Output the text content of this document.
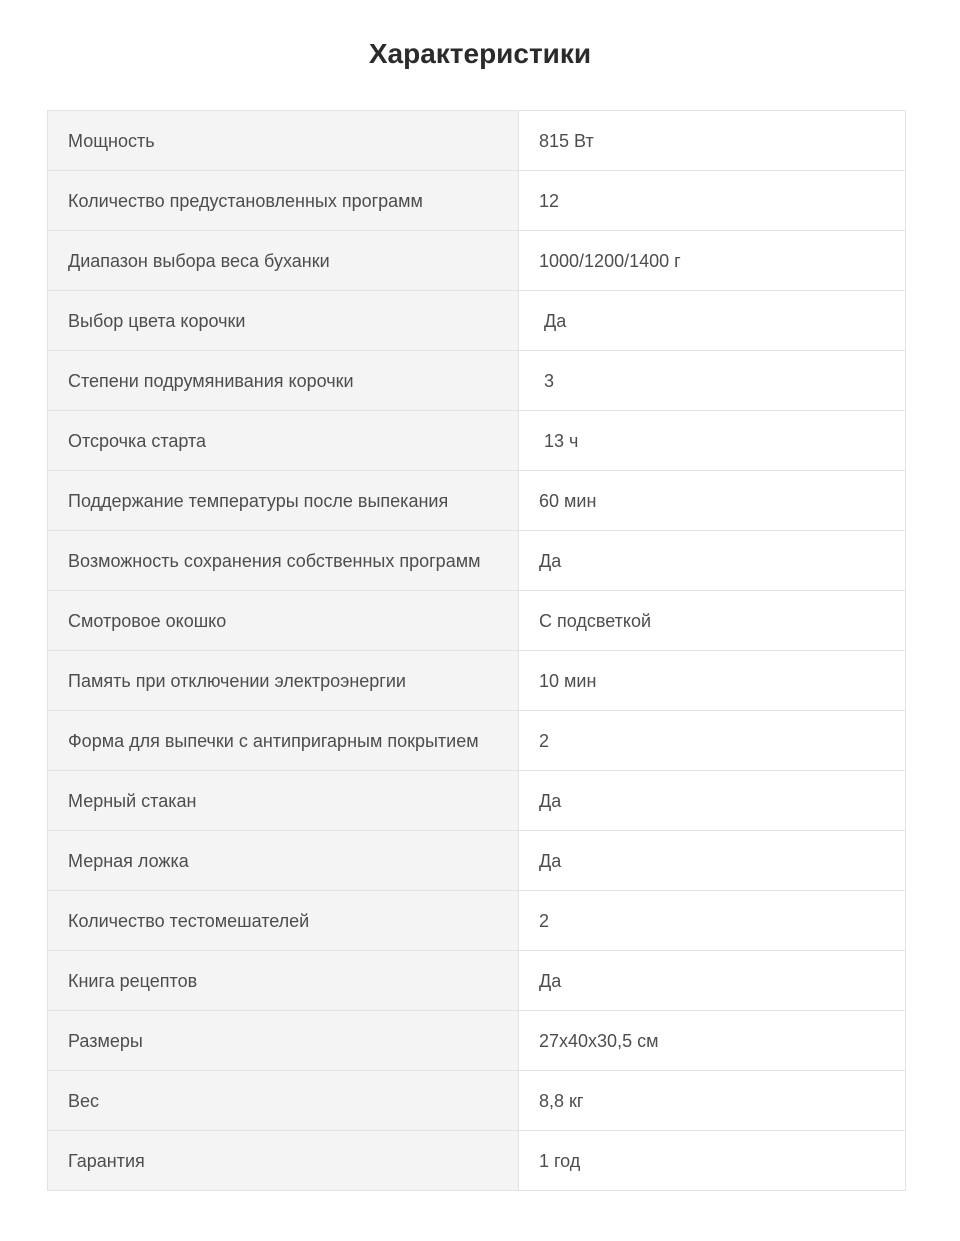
Характеристики
Мощность	815 Вт
Количество предустановленных программ	12
Диапазон выбора веса буханки	1000/1200/1400 г
Выбор цвета корочки	Да
Степени подрумянивания корочки	3
Отсрочка старта	13 ч
Поддержание температуры после выпекания	60 мин
Возможность сохранения собственных программ	Да
Смотровое окошко	С подсветкой
Память при отключении электроэнергии	10 мин
Форма для выпечки с антипригарным покрытием	2
Мерный стакан	Да
Мерная ложка	Да
Количество тестомешателей	2
Книга рецептов	Да
Размеры	27x40x30,5 см
Вес	8,8 кг
Гарантия	1 год
